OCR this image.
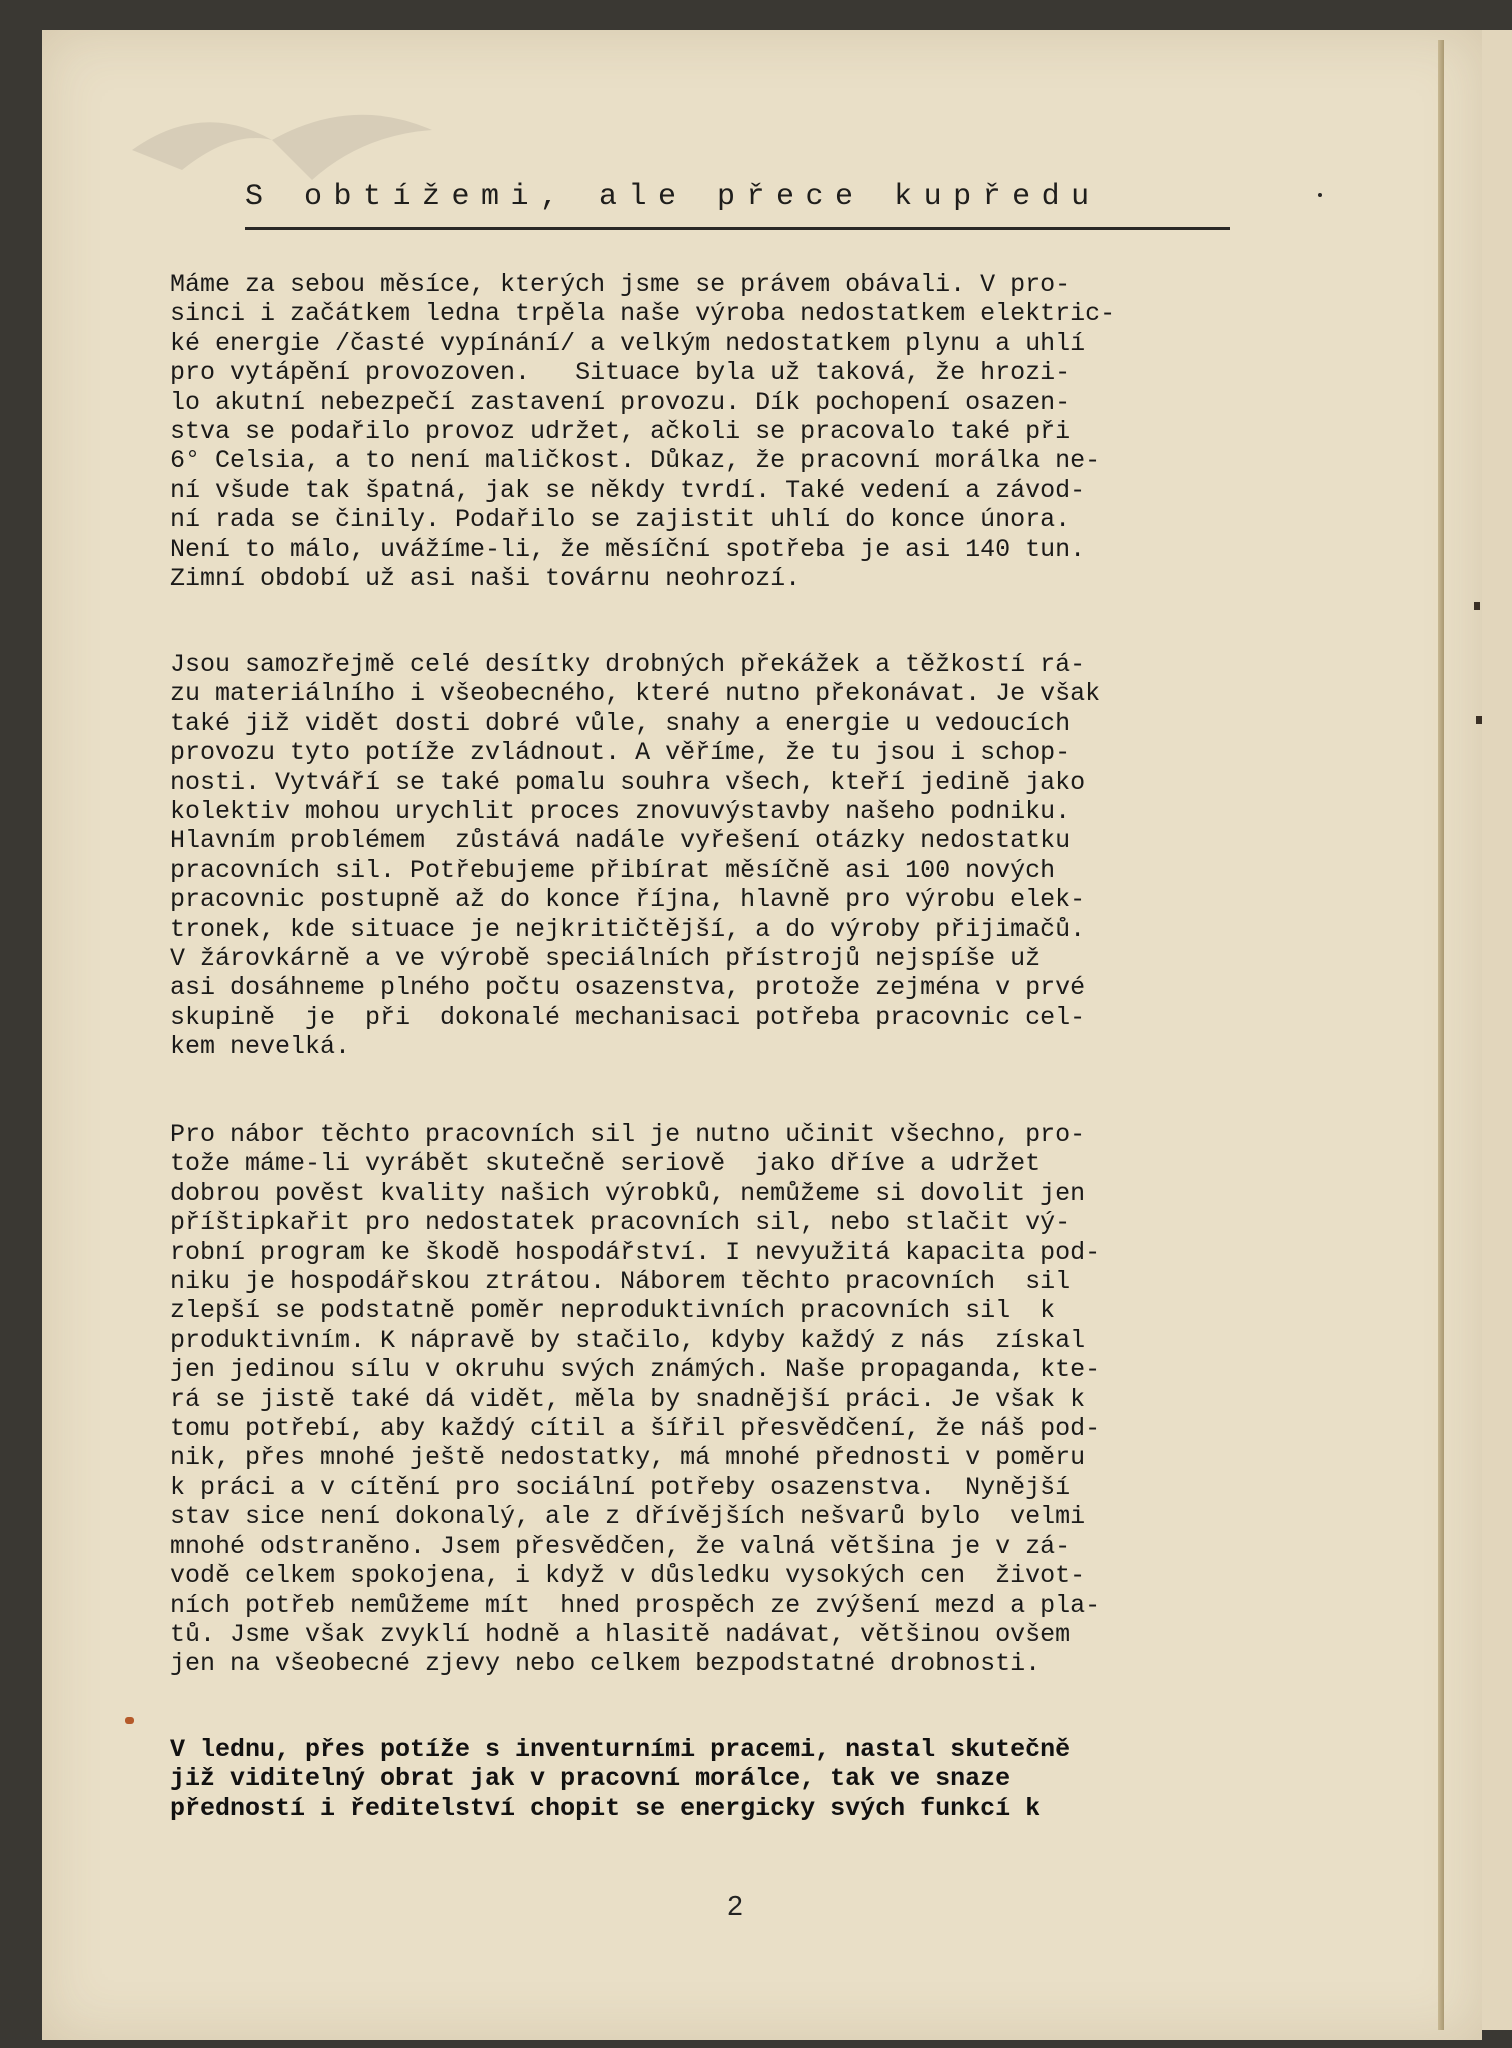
S obtížemi, ale přece kupředu

Máme za sebou měsíce, kterých jsme se právem obávali. V pro-
sinci i začátkem ledna trpěla naše výroba nedostatkem elektric-
ké energie /časté vypínání/ a velkým nedostatkem plynu a uhlí
pro vytápění provozoven.   Situace byla už taková, že hrozi-
lo akutní nebezpečí zastavení provozu. Dík pochopení osazen-
stva se podařilo provoz udržet, ačkoli se pracovalo také při
6° Celsia, a to není maličkost. Důkaz, že pracovní morálka ne-
ní všude tak špatná, jak se někdy tvrdí. Také vedení a závod-
ní rada se činily. Podařilo se zajistit uhlí do konce února.
Není to málo, uvážíme-li, že měsíční spotřeba je asi 140 tun.
Zimní období už asi naši továrnu neohrozí.

Jsou samozřejmě celé desítky drobných překážek a těžkostí rá-
zu materiálního i všeobecného, které nutno překonávat. Je však
také již vidět dosti dobré vůle, snahy a energie u vedoucích
provozu tyto potíže zvládnout. A věříme, že tu jsou i schop-
nosti. Vytváří se také pomalu souhra všech, kteří jedině jako
kolektiv mohou urychlit proces znovuvýstavby našeho podniku.
Hlavním problémem  zůstává nadále vyřešení otázky nedostatku
pracovních sil. Potřebujeme přibírat měsíčně asi 100 nových
pracovnic postupně až do konce října, hlavně pro výrobu elek-
tronek, kde situace je nejkritičtější, a do výroby přijimačů.
V žárovkárně a ve výrobě speciálních přístrojů nejspíše už
asi dosáhneme plného počtu osazenstva, protože zejména v prvé
skupině  je  při  dokonalé mechanisaci potřeba pracovnic cel-
kem nevelká.

Pro nábor těchto pracovních sil je nutno učinit všechno, pro-
tože máme-li vyrábět skutečně seriově  jako dříve a udržet
dobrou pověst kvality našich výrobků, nemůžeme si dovolit jen
příštipkařit pro nedostatek pracovních sil, nebo stlačit vý-
robní program ke škodě hospodářství. I nevyužitá kapacita pod-
niku je hospodářskou ztrátou. Náborem těchto pracovních  sil
zlepší se podstatně poměr neproduktivních pracovních sil  k
produktivním. K nápravě by stačilo, kdyby každý z nás  získal
jen jedinou sílu v okruhu svých známých. Naše propaganda, kte-
rá se jistě také dá vidět, měla by snadnější práci. Je však k
tomu potřebí, aby každý cítil a šířil přesvědčení, že náš pod-
nik, přes mnohé ještě nedostatky, má mnohé přednosti v poměru
k práci a v cítění pro sociální potřeby osazenstva.  Nynější
stav sice není dokonalý, ale z dřívějších nešvarů bylo  velmi
mnohé odstraněno. Jsem přesvědčen, že valná většina je v zá-
vodě celkem spokojena, i když v důsledku vysokých cen  život-
ních potřeb nemůžeme mít  hned prospěch ze zvýšení mezd a pla-
tů. Jsme však zvyklí hodně a hlasitě nadávat, většinou ovšem
jen na všeobecné zjevy nebo celkem bezpodstatné drobnosti.

V lednu, přes potíže s inventurními pracemi, nastal skutečně
již viditelný obrat jak v pracovní morálce, tak ve snaze
předností i ředitelství chopit se energicky svých funkcí k

2
